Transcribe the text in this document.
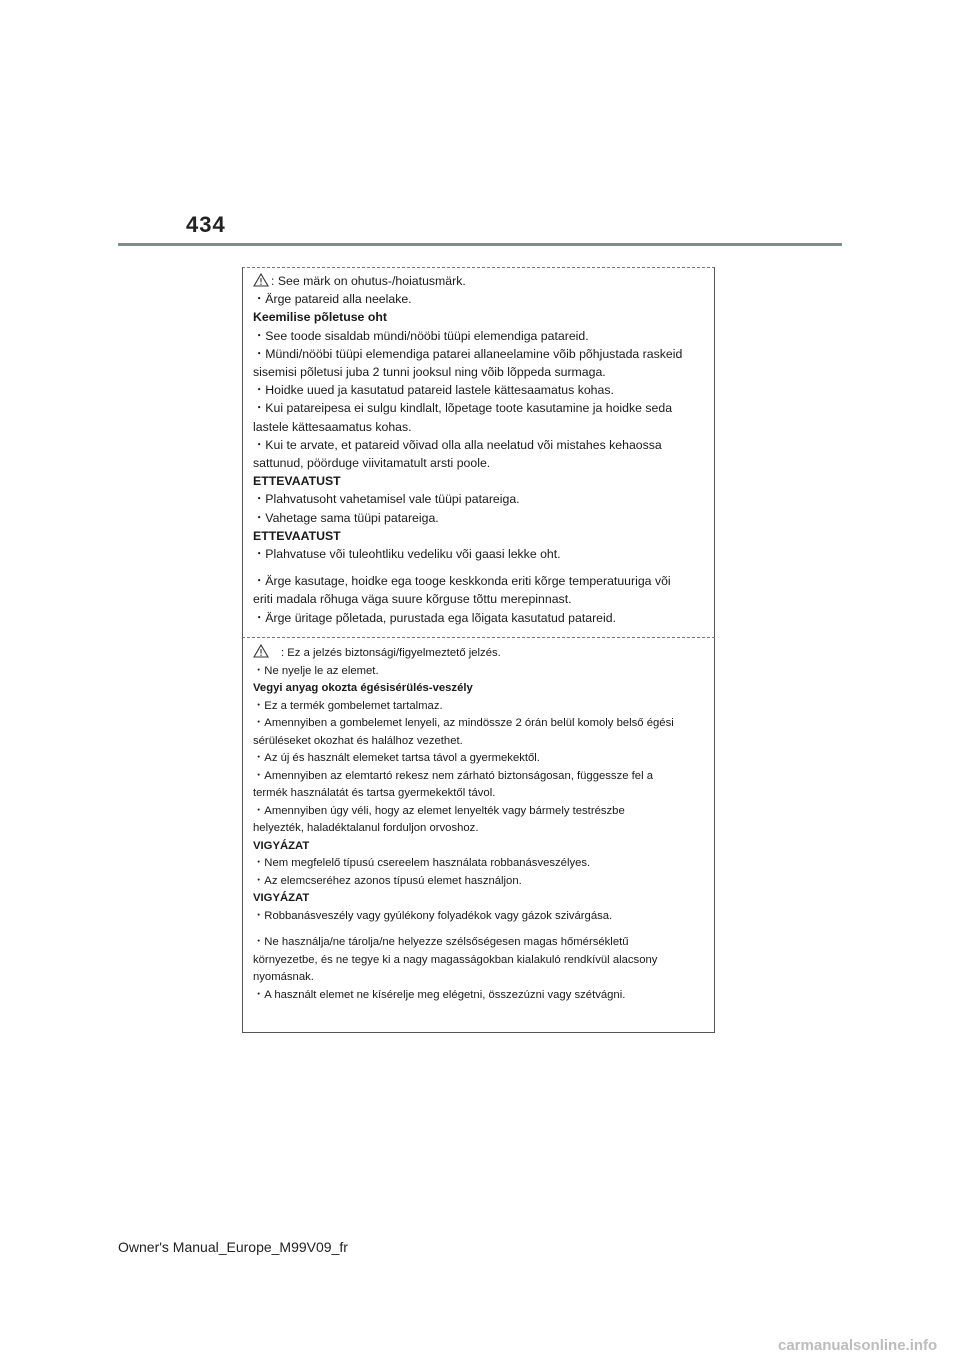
434
: See märk on ohutus-/hoiatusmärk.
・Ärge patareid alla neelake.
Keemilise põletuse oht
・See toode sisaldab mündi/nööbi tüüpi elemendiga patareid.
・Mündi/nööbi tüüpi elemendiga patarei allaneelamine võib põhjustada raskeid
sisemisi põletusi juba 2 tunni jooksul ning võib lõppeda surmaga.
・Hoidke uued ja kasutatud patareid lastele kättesaamatus kohas.
・Kui patareipesa ei sulgu kindlalt, lõpetage toote kasutamine ja hoidke seda
lastele kättesaamatus kohas.
・Kui te arvate, et patareid võivad olla alla neelatud või mistahes kehaossa
sattunud, pöörduge viivitamatult arsti poole.
ETTEVAATUST
・Plahvatusoht vahetamisel vale tüüpi patareiga.
・Vahetage sama tüüpi patareiga.
ETTEVAATUST
・Plahvatuse või tuleohtliku vedeliku või gaasi lekke oht.
・Ärge kasutage, hoidke ega tooge keskkonda eriti kõrge temperatuuriga või
eriti madala rõhuga väga suure kõrguse tõttu merepinnast.
・Ärge üritage põletada, purustada ega lõigata kasutatud patareid.
: Ez a jelzés biztonsági/figyelmeztető jelzés.
・Ne nyelje le az elemet.
Vegyi anyag okozta égésisérülés-veszély
・Ez a termék gombelemet tartalmaz.
・Amennyiben a gombelemet lenyeli, az mindössze 2 órán belül komoly belső égési
sérüléseket okozhat és halálhoz vezethet.
・Az új és használt elemeket tartsa távol a gyermekektől.
・Amennyiben az elemtartó rekesz nem zárható biztonságosan, függessze fel a
termék használatát és tartsa gyermekektől távol.
・Amennyiben úgy véli, hogy az elemet lenyelték vagy bármely testrészbe
helyezték, haladéktalanul forduljon orvoshoz.
VIGYÁZAT
・Nem megfelelő típusú csereelem használata robbanásveszélyes.
・Az elemcseréhez azonos típusú elemet használjon.
VIGYÁZAT
・Robbanásveszély vagy gyúlékony folyadékok vagy gázok szivárgása.
・Ne használja/ne tárolja/ne helyezze szélsőségesen magas hőmérsékletű
környezetbe, és ne tegye ki a nagy magasságokban kialakuló rendkívül alacsony
nyomásnak.
・A használt elemet ne kísérelje meg elégetni, összezúzni vagy szétvágni.
Owner's Manual_Europe_M99V09_fr
carmanualsonline.info
